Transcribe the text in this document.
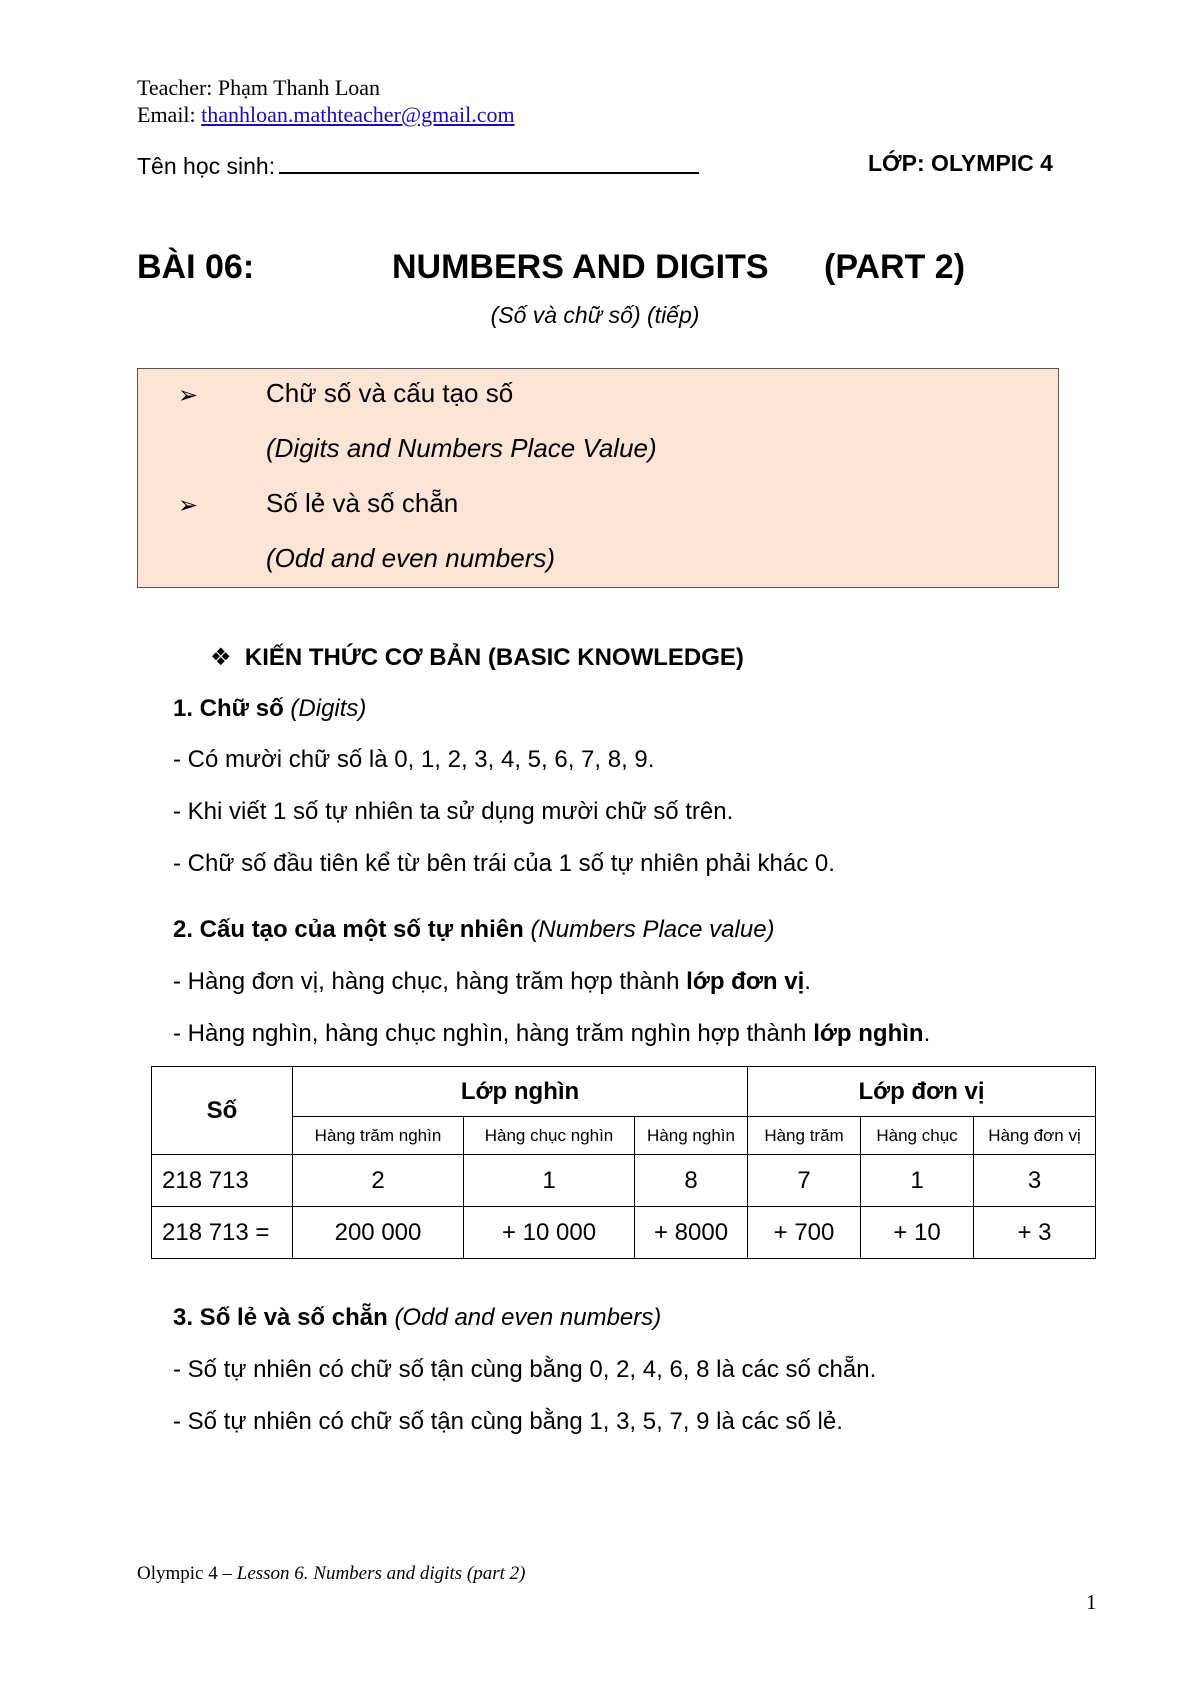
Teacher: Phạm Thanh Loan
Email: thanhloan.mathteacher@gmail.com
Tên học sinh:	LỚP: OLYMPIC 4
BÀI 06:	NUMBERS AND DIGITS (PART 2)
(Số và chữ số) (tiếp)
➢	Chữ số và cấu tạo số
(Digits and Numbers Place Value)
➢	Số lẻ và số chẵn
(Odd and even numbers)
❖ KIẾN THỨC CƠ BẢN (BASIC KNOWLEDGE)
1. Chữ số (Digits)
- Có mười chữ số là 0, 1, 2, 3, 4, 5, 6, 7, 8, 9.
- Khi viết 1 số tự nhiên ta sử dụng mười chữ số trên.
- Chữ số đầu tiên kể từ bên trái của 1 số tự nhiên phải khác 0.
2. Cấu tạo của một số tự nhiên (Numbers Place value)
- Hàng đơn vị, hàng chục, hàng trăm hợp thành lớp đơn vị.
- Hàng nghìn, hàng chục nghìn, hàng trăm nghìn hợp thành lớp nghìn.
Số	Lớp nghìn			Lớp đơn vị		
	Hàng trăm nghìn	Hàng chục nghìn	Hàng nghìn	Hàng trăm	Hàng chục	Hàng đơn vị
218 713	2	1	8	7	1	3
218 713 =	200 000	+ 10 000	+ 8000	+ 700	+ 10	+ 3
3. Số lẻ và số chẵn (Odd and even numbers)
- Số tự nhiên có chữ số tận cùng bằng 0, 2, 4, 6, 8 là các số chẵn.
- Số tự nhiên có chữ số tận cùng bằng 1, 3, 5, 7, 9 là các số lẻ.
Olympic 4 – Lesson 6. Numbers and digits (part 2)
1
